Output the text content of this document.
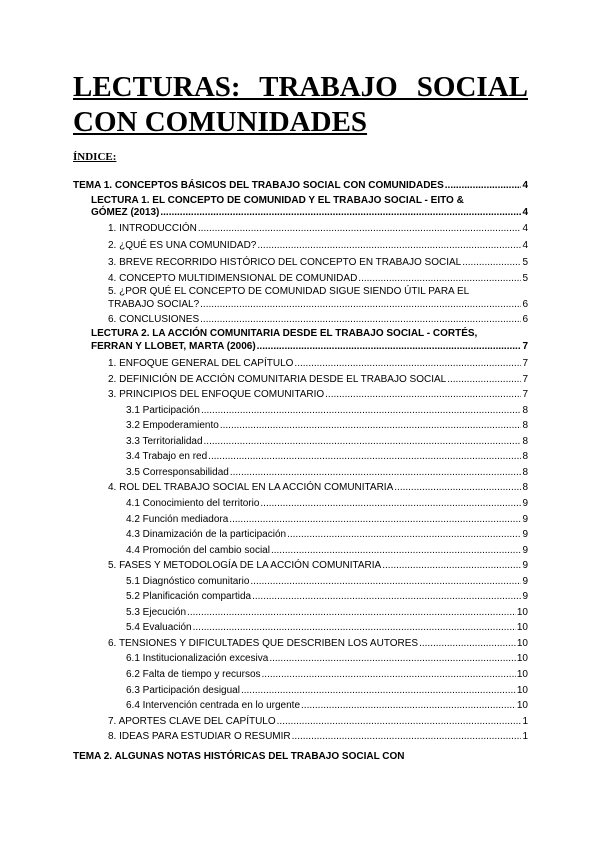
LECTURAS: TRABAJO SOCIAL
CON COMUNIDADES
ÍNDICE:
TEMA 1. CONCEPTOS BÁSICOS DEL TRABAJO SOCIAL CON COMUNIDADES .....	4
LECTURA 1. EL CONCEPTO DE COMUNIDAD Y EL TRABAJO SOCIAL - EITO &
GÓMEZ (2013) .....	4
1. INTRODUCCIÓN .....	4
2. ¿QUÉ ES UNA COMUNIDAD? .....	4
3. BREVE RECORRIDO HISTÓRICO DEL CONCEPTO EN TRABAJO SOCIAL .....	5
4. CONCEPTO MULTIDIMENSIONAL DE COMUNIDAD .....	5
5. ¿POR QUÉ EL CONCEPTO DE COMUNIDAD SIGUE SIENDO ÚTIL PARA EL
TRABAJO SOCIAL? .....	6
6. CONCLUSIONES .....	6
LECTURA 2. LA ACCIÓN COMUNITARIA DESDE EL TRABAJO SOCIAL - CORTÉS,
FERRAN Y LLOBET, MARTA (2006) .....	7
1. ENFOQUE GENERAL DEL CAPÍTULO .....	7
2. DEFINICIÓN DE ACCIÓN COMUNITARIA DESDE EL TRABAJO SOCIAL .....	7
3. PRINCIPIOS DEL ENFOQUE COMUNITARIO .....	7
3.1 Participación .....	8
3.2 Empoderamiento .....	8
3.3 Territorialidad .....	8
3.4 Trabajo en red .....	8
3.5 Corresponsabilidad .....	8
4. ROL DEL TRABAJO SOCIAL EN LA ACCIÓN COMUNITARIA .....	8
4.1 Conocimiento del territorio .....	9
4.2 Función mediadora .....	9
4.3 Dinamización de la participación .....	9
4.4 Promoción del cambio social .....	9
5. FASES Y METODOLOGÍA DE LA ACCIÓN COMUNITARIA .....	9
5.1 Diagnóstico comunitario .....	9
5.2 Planificación compartida .....	9
5.3 Ejecución .....	10
5.4 Evaluación .....	10
6. TENSIONES Y DIFICULTADES QUE DESCRIBEN LOS AUTORES .....	10
6.1 Institucionalización excesiva .....	10
6.2 Falta de tiempo y recursos .....	10
6.3 Participación desigual .....	10
6.4 Intervención centrada en lo urgente .....	10
7. APORTES CLAVE DEL CAPÍTULO .....	1
8. IDEAS PARA ESTUDIAR O RESUMIR .....	1
TEMA 2. ALGUNAS NOTAS HISTÓRICAS DEL TRABAJO SOCIAL CON
